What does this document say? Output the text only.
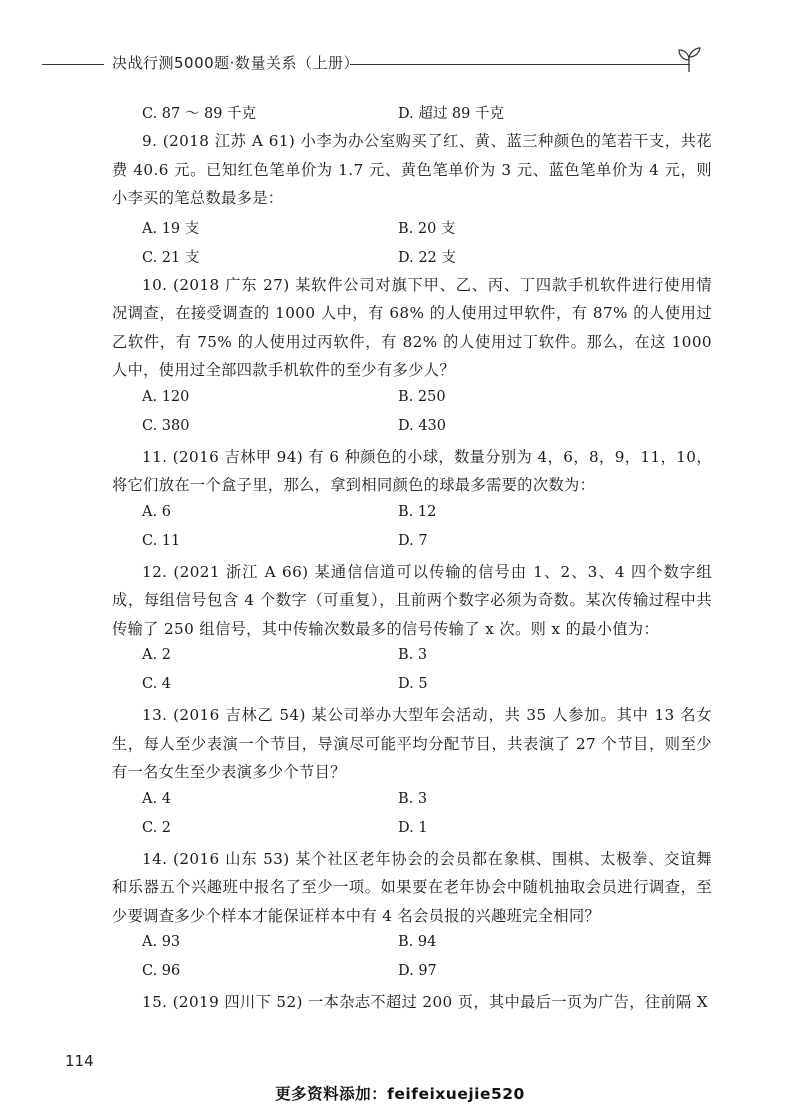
决战行测5000题·数量关系（上册）
C. 87 ～ 89 千克	D. 超过 89 千克

9. (2018 江苏 A 61) 小李为办公室购买了红、黄、蓝三种颜色的笔若干支，共花费 40.6 元。已知红色笔单价为 1.7 元、黄色笔单价为 3 元、蓝色笔单价为 4 元，则小李买的笔总数最多是：

A. 19 支	B. 20 支
C. 21 支	D. 22 支

10. (2018 广东 27) 某软件公司对旗下甲、乙、丙、丁四款手机软件进行使用情况调查，在接受调查的 1000 人中，有 68% 的人使用过甲软件，有 87% 的人使用过乙软件，有 75% 的人使用过丙软件，有 82% 的人使用过丁软件。那么，在这 1000 人中，使用过全部四款手机软件的至少有多少人？

A. 120	B. 250
C. 380	D. 430

11. (2016 吉林甲 94) 有 6 种颜色的小球，数量分别为 4，6，8，9，11，10，将它们放在一个盒子里，那么，拿到相同颜色的球最多需要的次数为：

A. 6	B. 12
C. 11	D. 7

12. (2021 浙江 A 66) 某通信信道可以传输的信号由 1、2、3、4 四个数字组成，每组信号包含 4 个数字（可重复），且前两个数字必须为奇数。某次传输过程中共传输了 250 组信号，其中传输次数最多的信号传输了 x 次。则 x 的最小值为：

A. 2	B. 3
C. 4	D. 5

13. (2016 吉林乙 54) 某公司举办大型年会活动，共 35 人参加。其中 13 名女生，每人至少表演一个节目，导演尽可能平均分配节目，共表演了 27 个节目，则至少有一名女生至少表演多少个节目？

A. 4	B. 3
C. 2	D. 1

14. (2016 山东 53) 某个社区老年协会的会员都在象棋、围棋、太极拳、交谊舞和乐器五个兴趣班中报名了至少一项。如果要在老年协会中随机抽取会员进行调查，至少要调查多少个样本才能保证样本中有 4 名会员报的兴趣班完全相同？

A. 93	B. 94
C. 96	D. 97

15. (2019 四川下 52) 一本杂志不超过 200 页，其中最后一页为广告，往前隔 X

114
更多资料添加：feifeixuejie520
